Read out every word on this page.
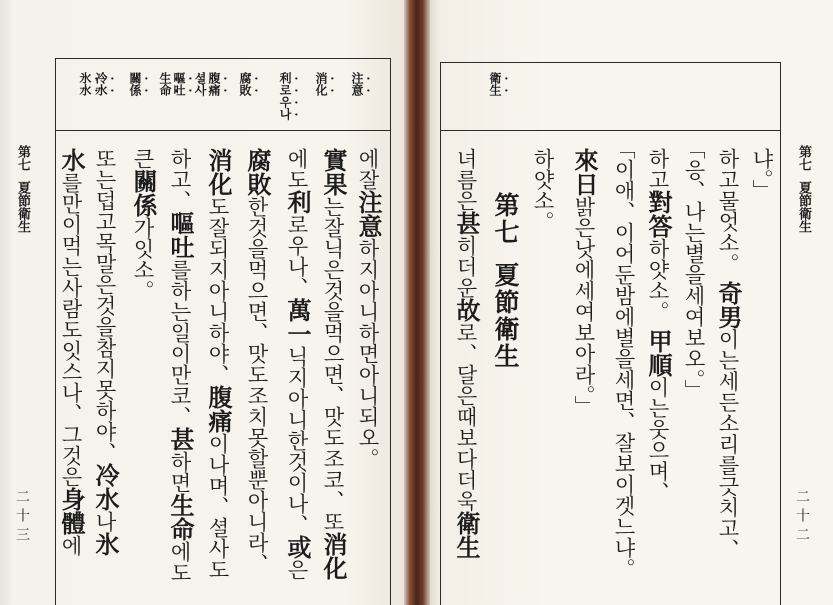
第七夏節衛生
二十三
注意
消化
利로우나
腐敗
腹痛
셜사
嘔吐
生命
關係
冷水
氷水
에잘注意하지아니하면아니되오。
實果는잘닉은것을먹으면、맛도조코、또消化
에도利로우나、萬一닉지아니한것이나、或은
腐敗한것을먹으면、맛도조치못할뿐아니라、
消化도잘되지아니하야、腹痛이나며、셜사도
하고、嘔吐를하는일이만코、甚하면生命에도
큰關係가잇소。
또는덥고목말은것을참지못하야、冷水나氷
水를만이먹는사람도잇스나、그것은身體에
第七夏節衛生
二十二
衛生
냐。」
하고물엇소。 奇男이는세든소리를긋치고、
「응、나는별을세여보오。」
하고對答하얏소。 甲順이는웃으며、
「이애、이어둔밤에별을세면、잘보이겟느냐。
來日밝은낫에세여보아라。」
하얏소。
第七夏節衛生
녀름은甚히더운故로、달은때보다더욱衛生
